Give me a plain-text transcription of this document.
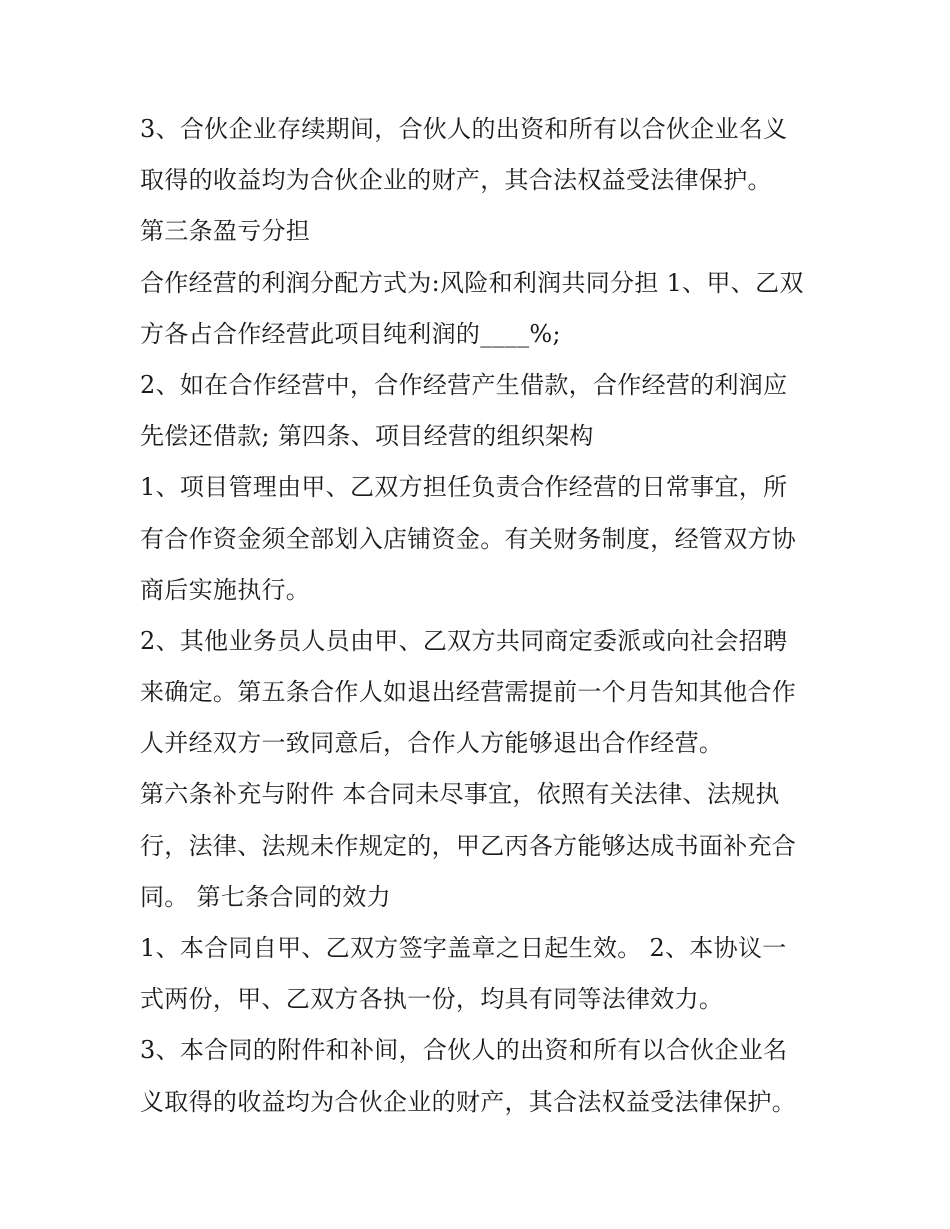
3、合伙企业存续期间，合伙人的出资和所有以合伙企业名义
取得的收益均为合伙企业的财产，其合法权益受法律保护。
第三条盈亏分担
合作经营的利润分配方式为:风险和利润共同分担 1、甲、乙双
方各占合作经营此项目纯利润的____%;
2、如在合作经营中，合作经营产生借款，合作经营的利润应
先偿还借款; 第四条、项目经营的组织架构
1、项目管理由甲、乙双方担任负责合作经营的日常事宜，所
有合作资金须全部划入店铺资金。有关财务制度，经管双方协
商后实施执行。
2、其他业务员人员由甲、乙双方共同商定委派或向社会招聘
来确定。第五条合作人如退出经营需提前一个月告知其他合作
人并经双方一致同意后，合作人方能够退出合作经营。
第六条补充与附件 本合同未尽事宜，依照有关法律、法规执
行，法律、法规未作规定的，甲乙丙各方能够达成书面补充合
同。 第七条合同的效力
1、本合同自甲、乙双方签字盖章之日起生效。 2、本协议一
式两份，甲、乙双方各执一份，均具有同等法律效力。
3、本合同的附件和补间，合伙人的出资和所有以合伙企业名
义取得的收益均为合伙企业的财产，其合法权益受法律保护。
